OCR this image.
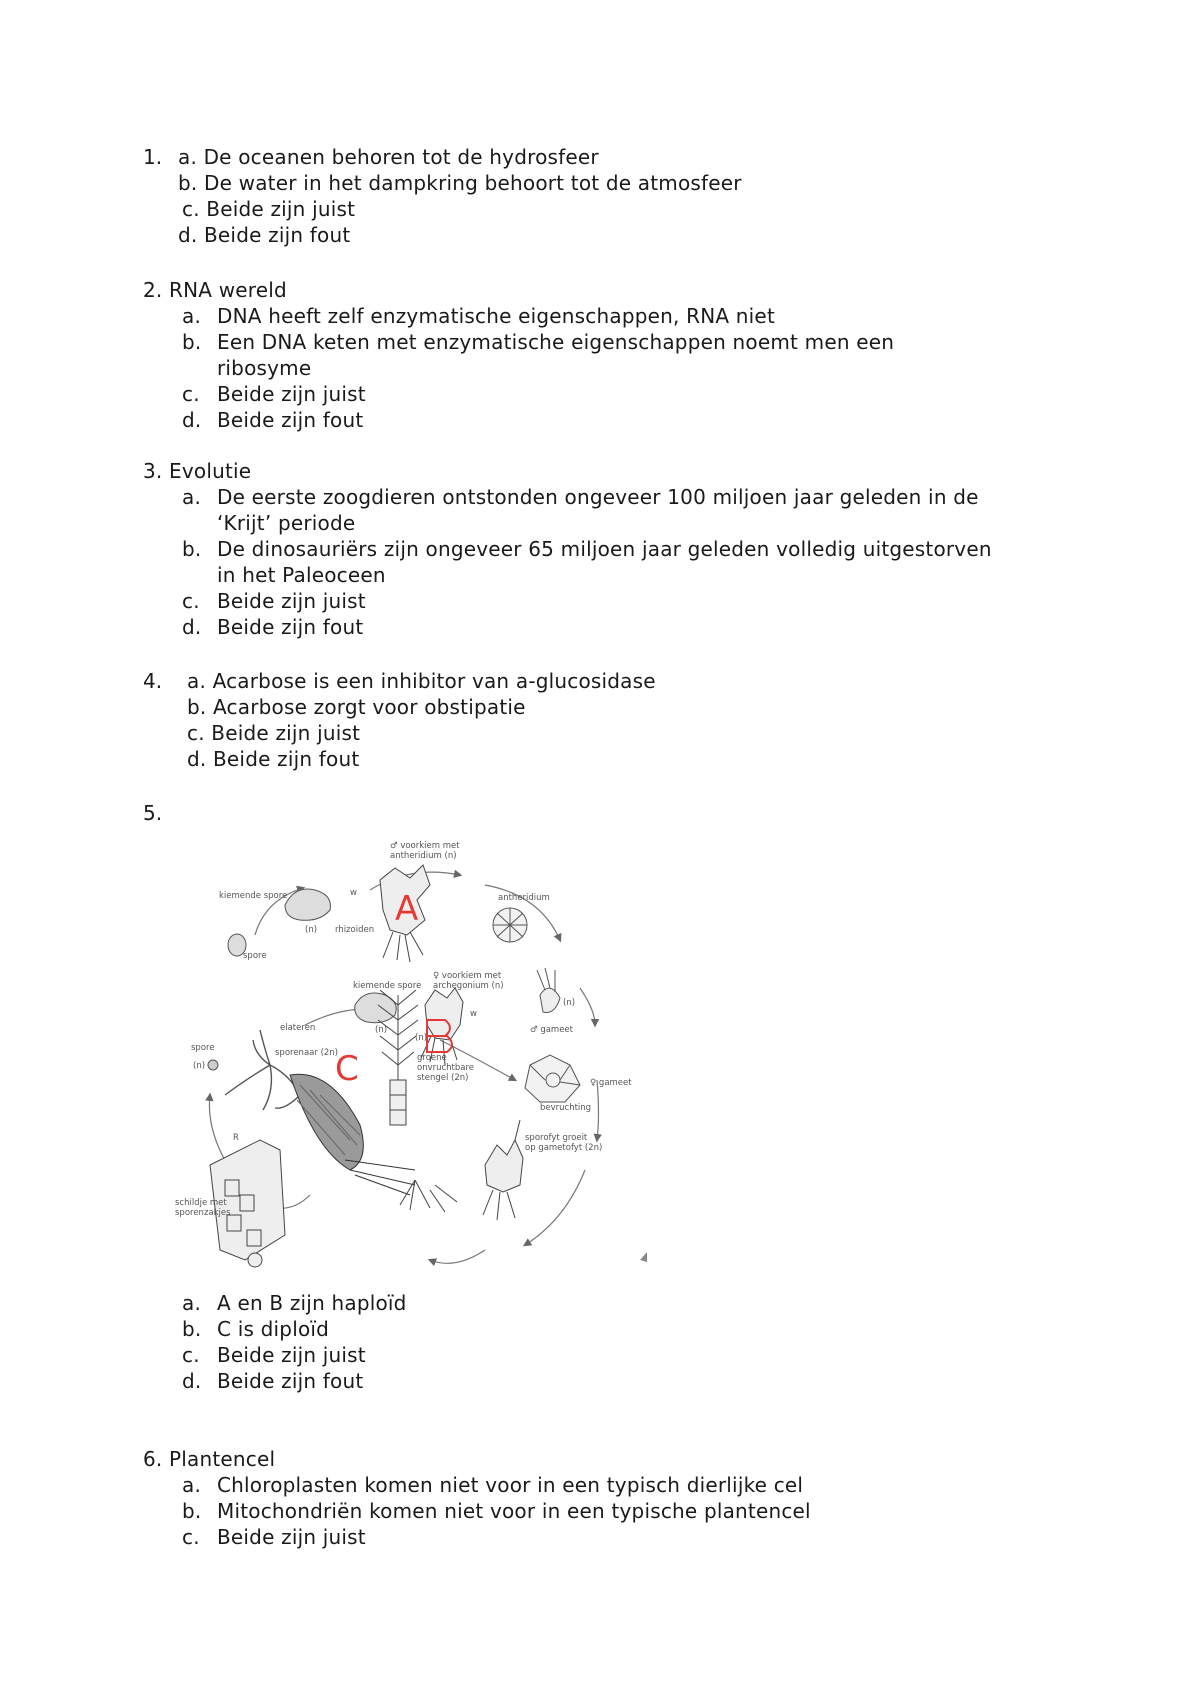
1. a. De oceanen behoren tot de hydrosfeer
b. De water in het dampkring behoort tot de atmosfeer
c. Beide zijn juist
d. Beide zijn fout
2. RNA wereld
a. DNA heeft zelf enzymatische eigenschappen, RNA niet
b. Een DNA keten met enzymatische eigenschappen noemt men een
ribosyme
c. Beide zijn juist
d. Beide zijn fout
3. Evolutie
a. De eerste zoogdieren ontstonden ongeveer 100 miljoen jaar geleden in de
‘Krijt’ periode
b. De dinosauriërs zijn ongeveer 65 miljoen jaar geleden volledig uitgestorven
in het Paleoceen
c. Beide zijn juist
d. Beide zijn fout
4. a. Acarbose is een inhibitor van a-glucosidase
b. Acarbose zorgt voor obstipatie
c. Beide zijn juist
d. Beide zijn fout
5.
kiemende spore
spore
(n)
♂ voorkiem met
antheridium (n)
w
rhizoiden
A	antheridium
(n)
♂ gameet
♀ voorkiem met
archegonium (n)
w
(n)
kiemende spore
(n)
elateren
spore
(n)
♀ gameet
groene
onvruchtbare
stengel (2n)
sporenaar (2n)
C
R
schildje met
sporenzakjes
bevruchting
sporofyt groeit
op gametofyt (2n)
a. A en B zijn haploïd
b. C is diploïd
c. Beide zijn juist
d. Beide zijn fout
6. Plantencel
a. Chloroplasten komen niet voor in een typisch dierlijke cel
b. Mitochondriën komen niet voor in een typische plantencel
c. Beide zijn juist
